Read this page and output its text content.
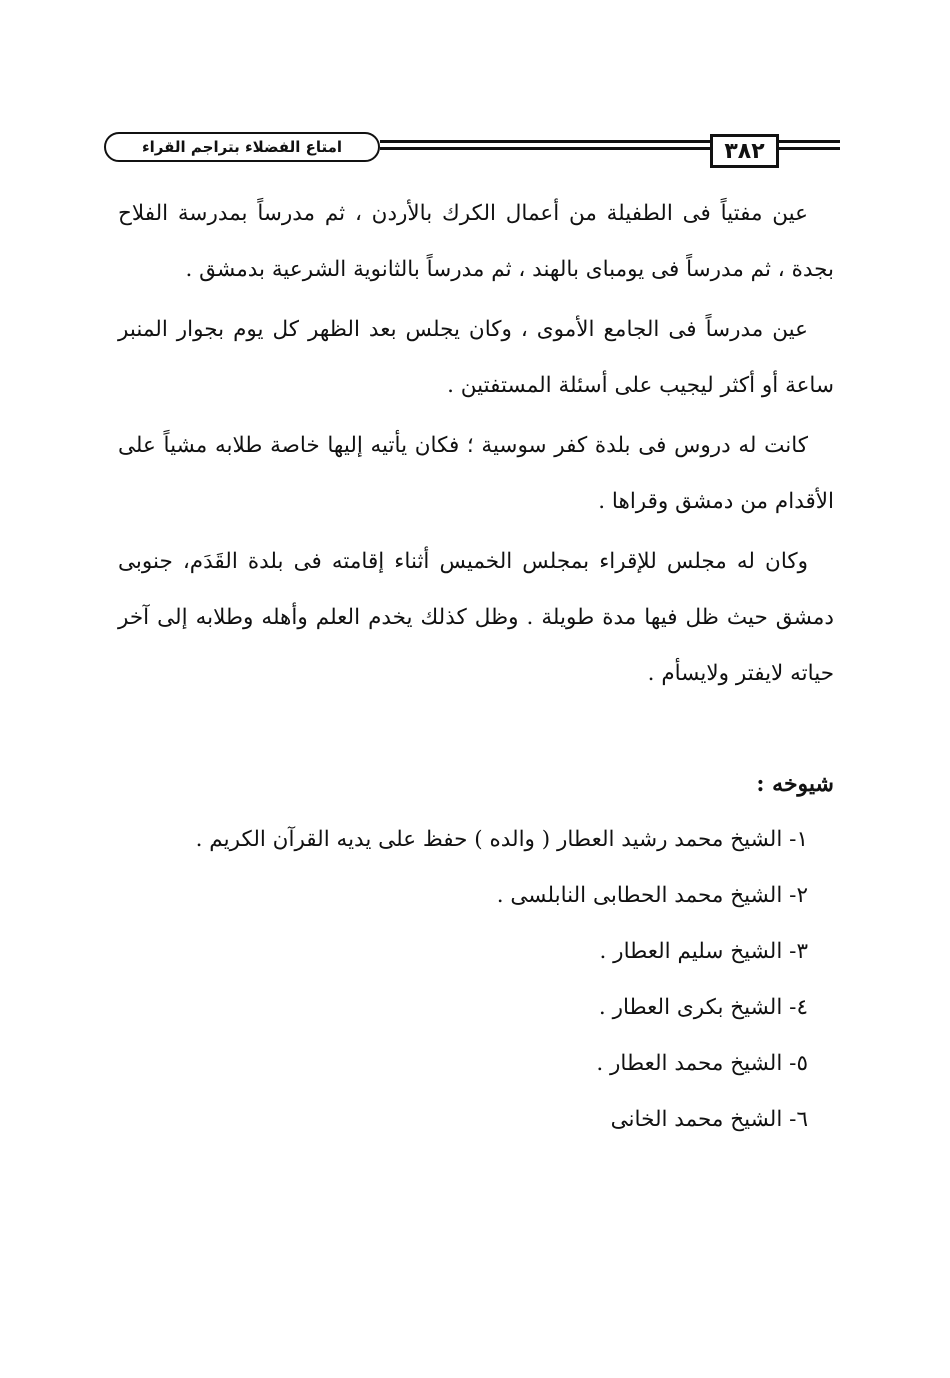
٣٨٢
امتاع الفضلاء بتراجم القراء

عين مفتياً فى الطفيلة من أعمال الكرك بالأردن ، ثم مدرساً بمدرسة الفلاح بجدة ، ثم مدرساً فى يومباى بالهند ، ثم مدرساً بالثانوية الشرعية بدمشق .

عين مدرساً فى الجامع الأموى ، وكان يجلس بعد الظهر كل يوم بجوار المنبر ساعة أو أكثر ليجيب على أسئلة المستفتين .

كانت له دروس فى بلدة كفر سوسية ؛ فكان يأتيه إليها خاصة طلابه مشياً على الأقدام من دمشق وقراها .

وكان له مجلس للإقراء بمجلس الخميس أثناء إقامته فى بلدة القَدَم، جنوبى دمشق حيث ظل فيها مدة طويلة . وظل كذلك يخدم العلم وأهله وطلابه إلى آخر حياته لايفتر ولايسأم .

شيوخه :
١- الشيخ محمد رشيد العطار ( والده ) حفظ على يديه القرآن الكريم .
٢- الشيخ محمد الحطابى النابلسى .
٣- الشيخ سليم العطار .
٤- الشيخ بكرى العطار .
٥- الشيخ محمد العطار .
٦- الشيخ محمد الخانى
